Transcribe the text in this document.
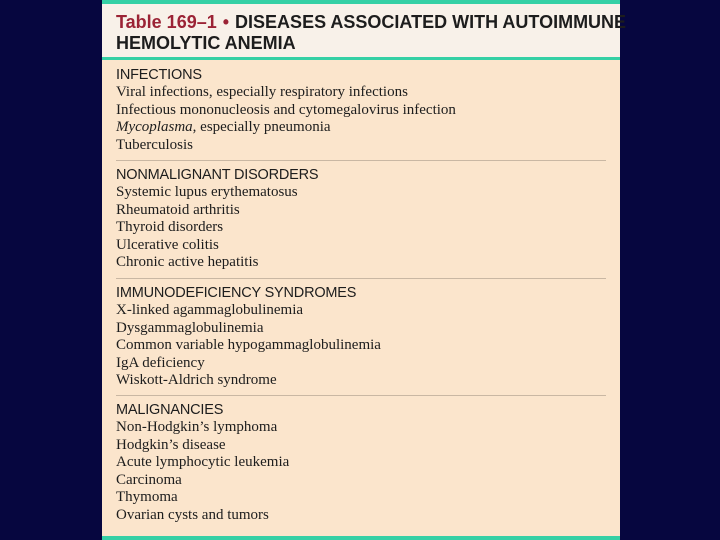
Table 169–1 • DISEASES ASSOCIATED WITH AUTOIMMUNE
HEMOLYTIC ANEMIA
INFECTIONS
Viral infections, especially respiratory infections
Infectious mononucleosis and cytomegalovirus infection
Mycoplasma, especially pneumonia
Tuberculosis
NONMALIGNANT DISORDERS
Systemic lupus erythematosus
Rheumatoid arthritis
Thyroid disorders
Ulcerative colitis
Chronic active hepatitis
IMMUNODEFICIENCY SYNDROMES
X-linked agammaglobulinemia
Dysgammaglobulinemia
Common variable hypogammaglobulinemia
IgA deficiency
Wiskott-Aldrich syndrome
MALIGNANCIES
Non-Hodgkin’s lymphoma
Hodgkin’s disease
Acute lymphocytic leukemia
Carcinoma
Thymoma
Ovarian cysts and tumors
